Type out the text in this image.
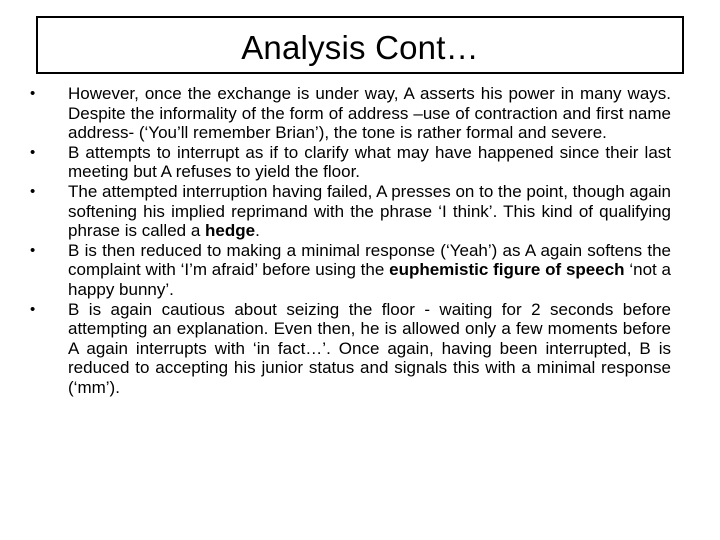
Analysis Cont…

• However, once the exchange is under way, A asserts his power in many ways. Despite the informality of the form of address –use of contraction and first name address- (‘You’ll remember Brian’), the tone is rather formal and severe.

• B attempts to interrupt as if to clarify what may have happened since their last meeting but A refuses to yield the floor.

• The attempted interruption having failed, A presses on to the point, though again softening his implied reprimand with the phrase ‘I think’. This kind of qualifying phrase is called a hedge.

• B is then reduced to making a minimal response (‘Yeah’) as A again softens the complaint with ‘I’m afraid’ before using the euphemistic figure of speech ‘not a happy bunny’.

• B is again cautious about seizing the floor - waiting for 2 seconds before attempting an explanation. Even then, he is allowed only a few moments before A again interrupts with ‘in fact…’. Once again, having been interrupted, B is reduced to accepting his junior status and signals this with a minimal response (‘mm’).
